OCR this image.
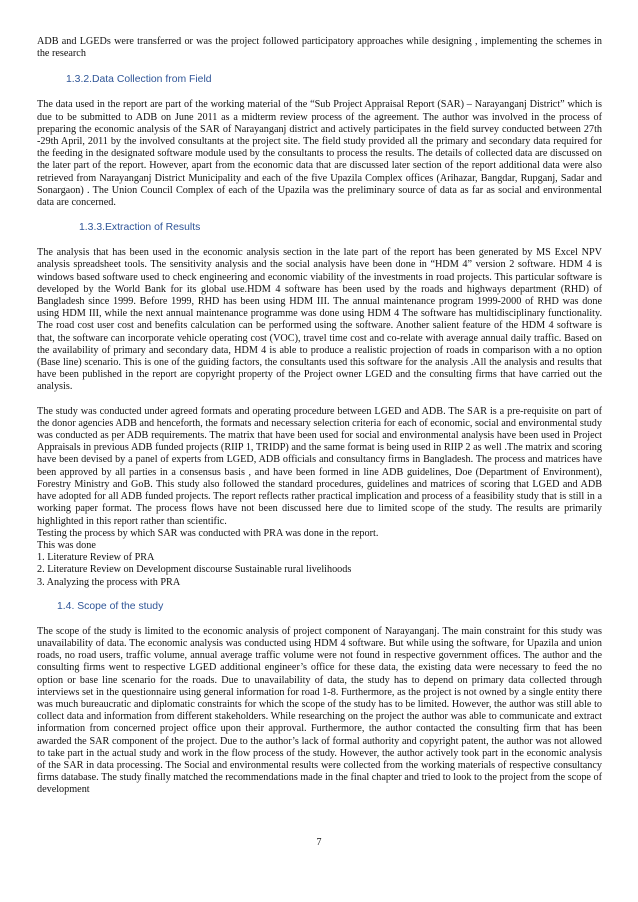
ADB and LGEDs were transferred or was the project followed participatory approaches while designing , implementing the schemes in the research

1.3.2.Data Collection from Field

The data used in the report are part of the working material of the “Sub Project Appraisal Report (SAR) – Narayanganj District” which is due to be submitted to ADB on June 2011 as a midterm review process of the agreement. The author was involved in the process of preparing the economic analysis of the SAR of Narayanganj district and actively participates in the field survey conducted between 27th -29th April, 2011 by the involved consultants at the project site. The field study provided all the primary and secondary data required for the feeding in the designated software module used by the consultants to process the results. The details of collected data are discussed on the later part of the report. However, apart from the economic data that are discussed later section of the report additional data were also retrieved from Narayanganj District Municipality and each of the five Upazila Complex offices (Arihazar, Bangdar, Rupganj, Sadar and Sonargaon) . The Union Council Complex of each of the Upazila was the preliminary source of data as far as social and environmental data are concerned.

1.3.3.Extraction of Results

The analysis that has been used in the economic analysis section in the late part of the report has been generated by MS Excel NPV analysis spreadsheet tools. The sensitivity analysis and the social analysis have been done in “HDM 4” version 2 software. HDM 4 is windows based software used to check engineering and economic viability of the investments in road projects. This particular software is developed by the World Bank for its global use.HDM 4 software has been used by the roads and highways department (RHD) of Bangladesh since 1999. Before 1999, RHD has been using HDM III. The annual maintenance program 1999-2000 of RHD was done using HDM III, while the next annual maintenance programme was done using HDM 4 The software has multidisciplinary functionality. The road cost user cost and benefits calculation can be performed using the software. Another salient feature of the HDM 4 software is that, the software can incorporate vehicle operating cost (VOC), travel time cost and co-relate with average annual daily traffic. Based on the availability of primary and secondary data, HDM 4 is able to produce a realistic projection of roads in comparison with a no option (Base line) scenario. This is one of the guiding factors, the consultants used this software for the analysis .All the analysis and results that have been published in the report are copyright property of the Project owner LGED and the consulting firms that have carried out the analysis.

The study was conducted under agreed formats and operating procedure between LGED and ADB. The SAR is a pre-requisite on part of the donor agencies ADB and henceforth, the formats and necessary selection criteria for each of economic, social and environmental study was conducted as per ADB requirements. The matrix that have been used for social and environmental analysis have been used in Project Appraisals in previous ADB funded projects (RIIP 1, TRIDP) and the same format is being used in RIIP 2 as well .The matrix and scoring have been devised by a panel of experts from LGED, ADB officials and consultancy firms in Bangladesh. The process and matrices have been approved by all parties in a consensus basis , and have been formed in line ADB guidelines, Doe (Department of Environment), Forestry Ministry and GoB. This study also followed the standard procedures, guidelines and matrices of scoring that LGED and ADB have adopted for all ADB funded projects. The report reflects rather practical implication and process of a feasibility study that is still in a working paper format. The process flows have not been discussed here due to limited scope of the study. The results are primarily highlighted in this report rather than scientific.

Testing the process by which SAR was conducted with PRA was done in the report.

This was done

1. Literature Review of PRA

2. Literature Review on Development discourse Sustainable rural livelihoods

3. Analyzing the process with PRA

1.4. Scope of the study

The scope of the study is limited to the economic analysis of project component of Narayanganj. The main constraint for this study was unavailability of data. The economic analysis was conducted using HDM 4 software. But while using the software, for Upazila and union roads, no road users, traffic volume, annual average traffic volume were not found in respective government offices. The author and the consulting firms went to respective LGED additional engineer’s office for these data, the existing data were necessary to feed the no option or base line scenario for the roads. Due to unavailability of data, the study has to depend on primary data collected through interviews set in the questionnaire using general information for road 1-8. Furthermore, as the project is not owned by a single entity there was much bureaucratic and diplomatic constraints for which the scope of the study has to be limited. However, the author was still able to collect data and information from different stakeholders. While researching on the project the author was able to communicate and extract information from concerned project office upon their approval. Furthermore, the author contacted the consulting firm that has been awarded the SAR component of the project. Due to the author’s lack of formal authority and copyright patent, the author was not allowed to take part in the actual study and work in the flow process of the study. However, the author actively took part in the economic analysis of the SAR in data processing. The Social and environmental results were collected from the working materials of respective consultancy firms database. The study finally matched the recommendations made in the final chapter and tried to look to the project from the scope of development

7
